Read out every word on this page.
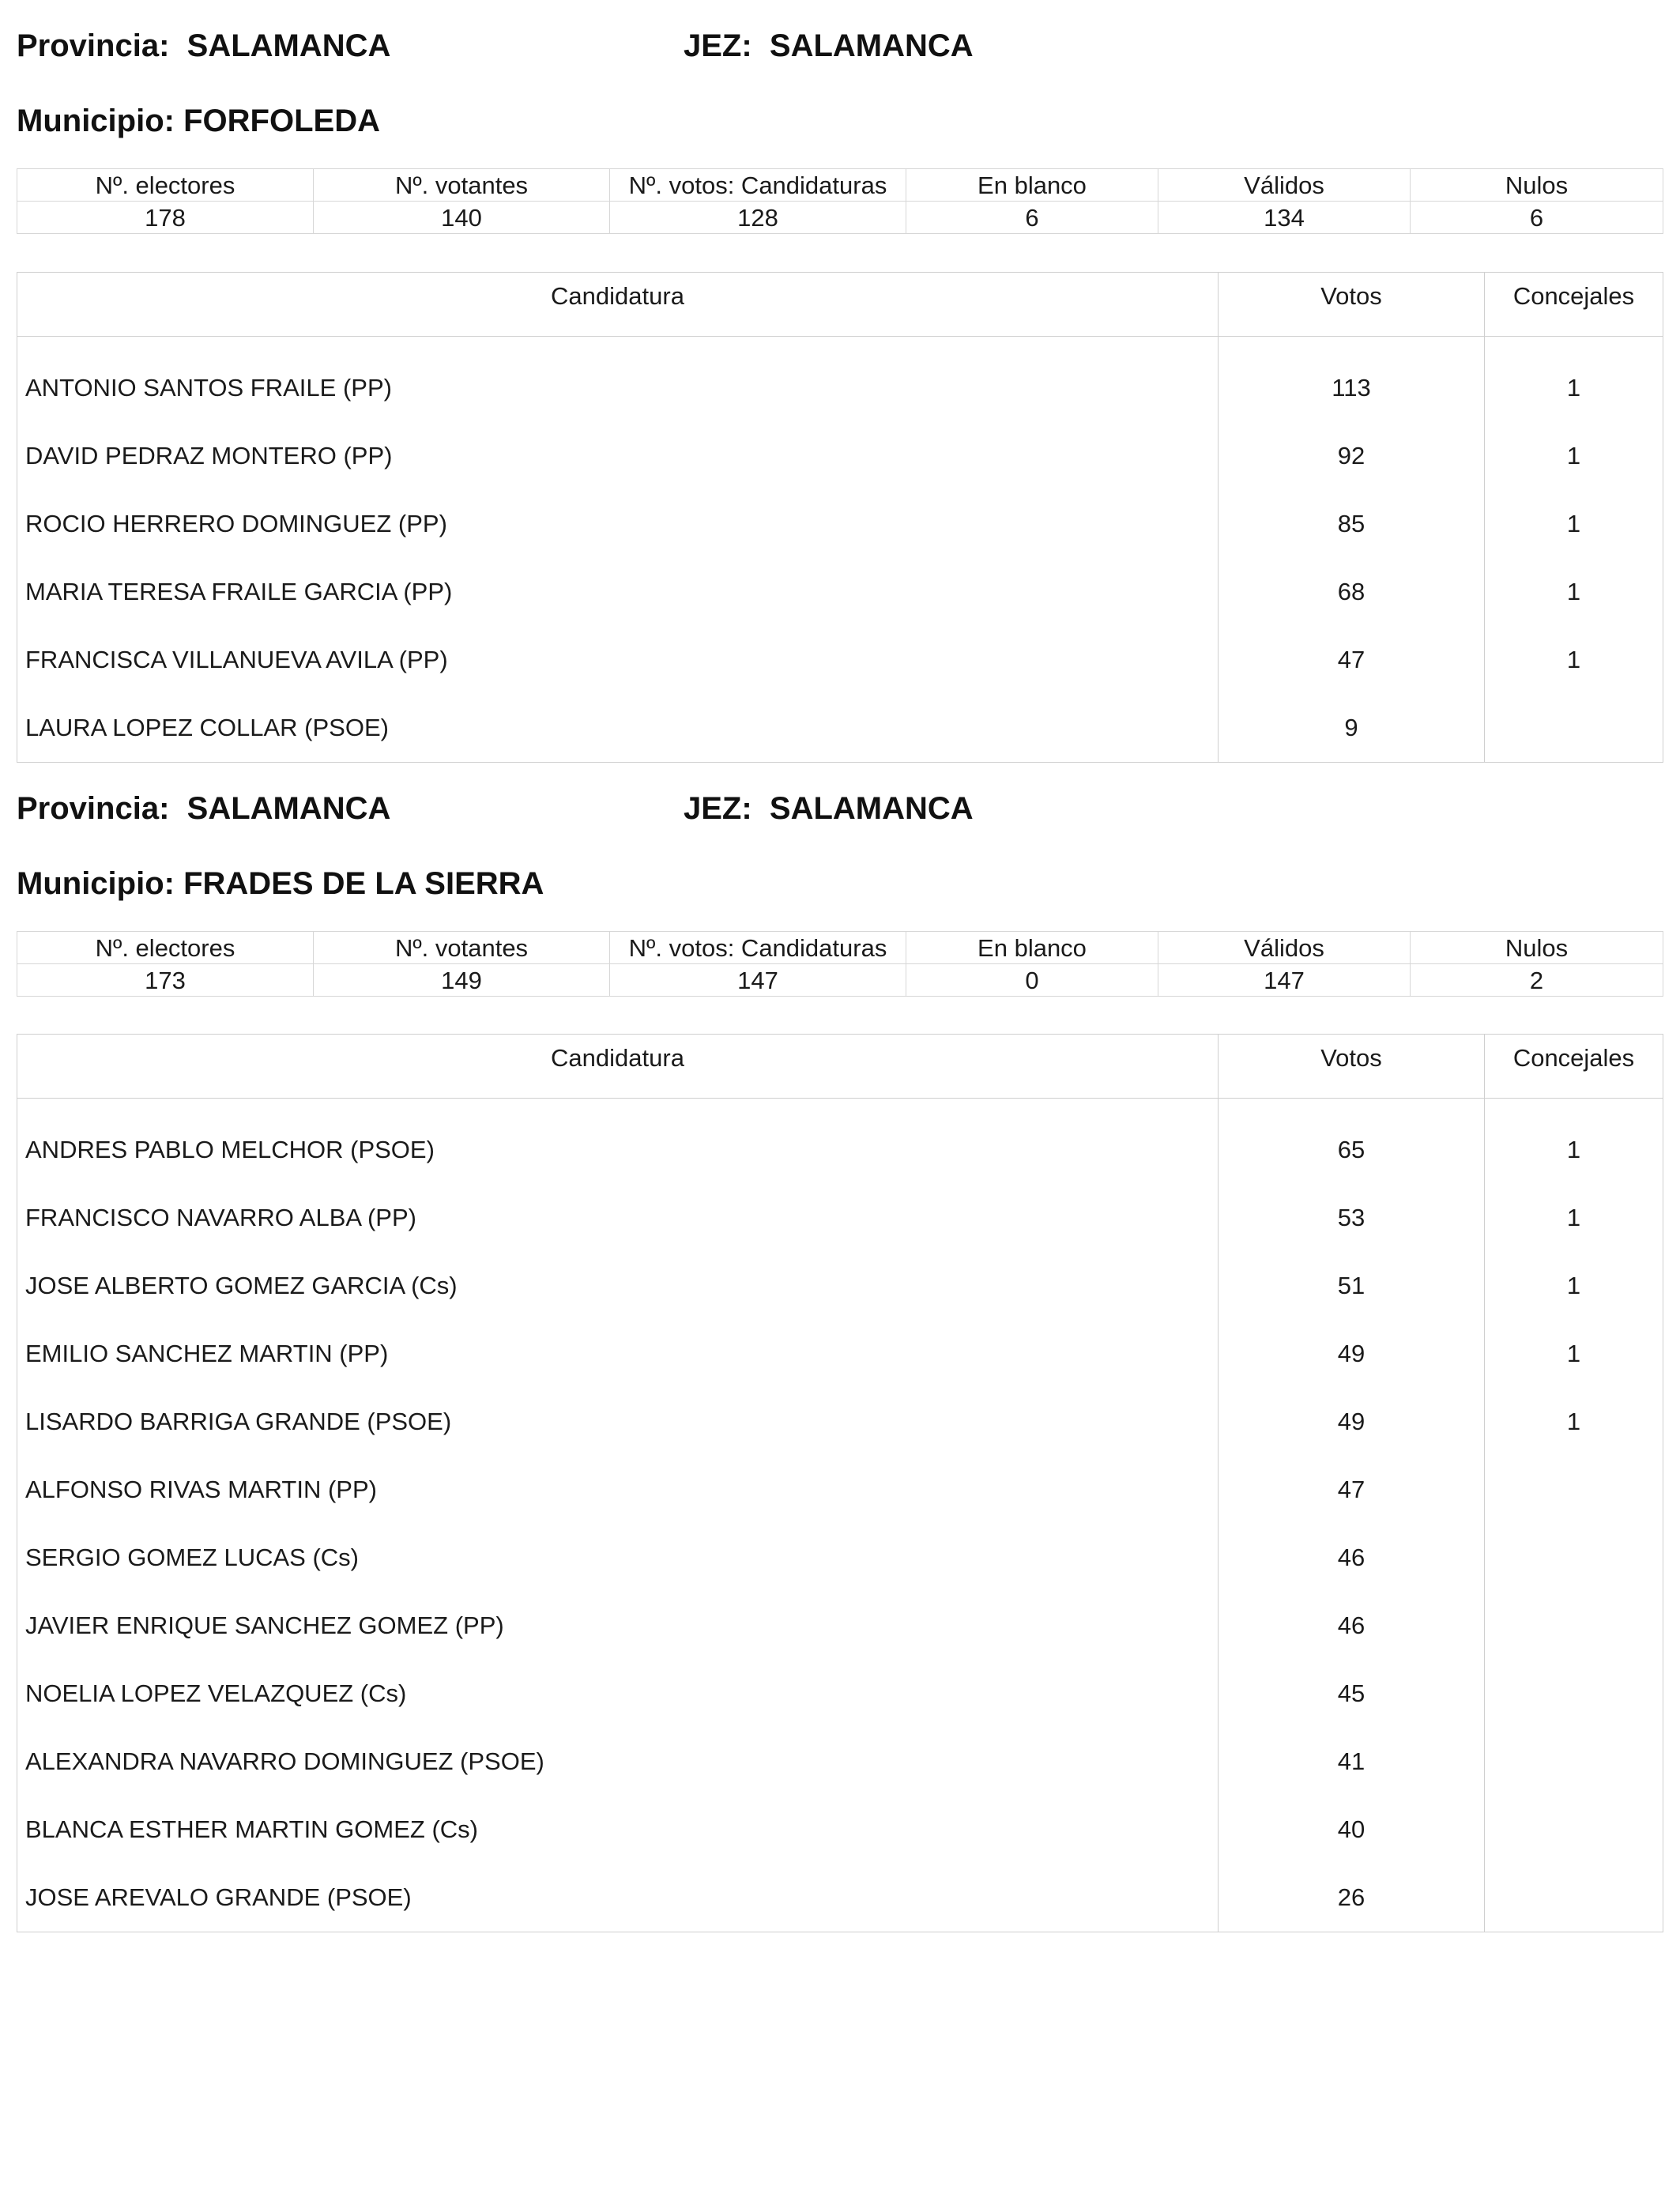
Provincia: SALAMANCA	JEZ: SALAMANCA
Municipio: FORFOLEDA
Nº. electores	Nº. votantes	Nº. votos: Candidaturas	En blanco	Válidos	Nulos
178	140	128	6	134	6
Candidatura	Votos	Concejales

ANTONIO SANTOS FRAILE (PP)	113	1
DAVID PEDRAZ MONTERO (PP)	92	1
ROCIO HERRERO DOMINGUEZ (PP)	85	1
MARIA TERESA FRAILE GARCIA (PP)	68	1
FRANCISCA VILLANUEVA AVILA (PP)	47	1
LAURA LOPEZ COLLAR (PSOE)	9	
Provincia: SALAMANCA	JEZ: SALAMANCA
Municipio: FRADES DE LA SIERRA
Nº. electores	Nº. votantes	Nº. votos: Candidaturas	En blanco	Válidos	Nulos
173	149	147	0	147	2
Candidatura	Votos	Concejales

ANDRES PABLO MELCHOR (PSOE)	65	1
FRANCISCO NAVARRO ALBA (PP)	53	1
JOSE ALBERTO GOMEZ GARCIA (Cs)	51	1
EMILIO SANCHEZ MARTIN (PP)	49	1
LISARDO BARRIGA GRANDE (PSOE)	49	1
ALFONSO RIVAS MARTIN (PP)	47	
SERGIO GOMEZ LUCAS (Cs)	46	
JAVIER ENRIQUE SANCHEZ GOMEZ (PP)	46	
NOELIA LOPEZ VELAZQUEZ (Cs)	45	
ALEXANDRA NAVARRO DOMINGUEZ (PSOE)	41	
BLANCA ESTHER MARTIN GOMEZ (Cs)	40	
JOSE AREVALO GRANDE (PSOE)	26	
